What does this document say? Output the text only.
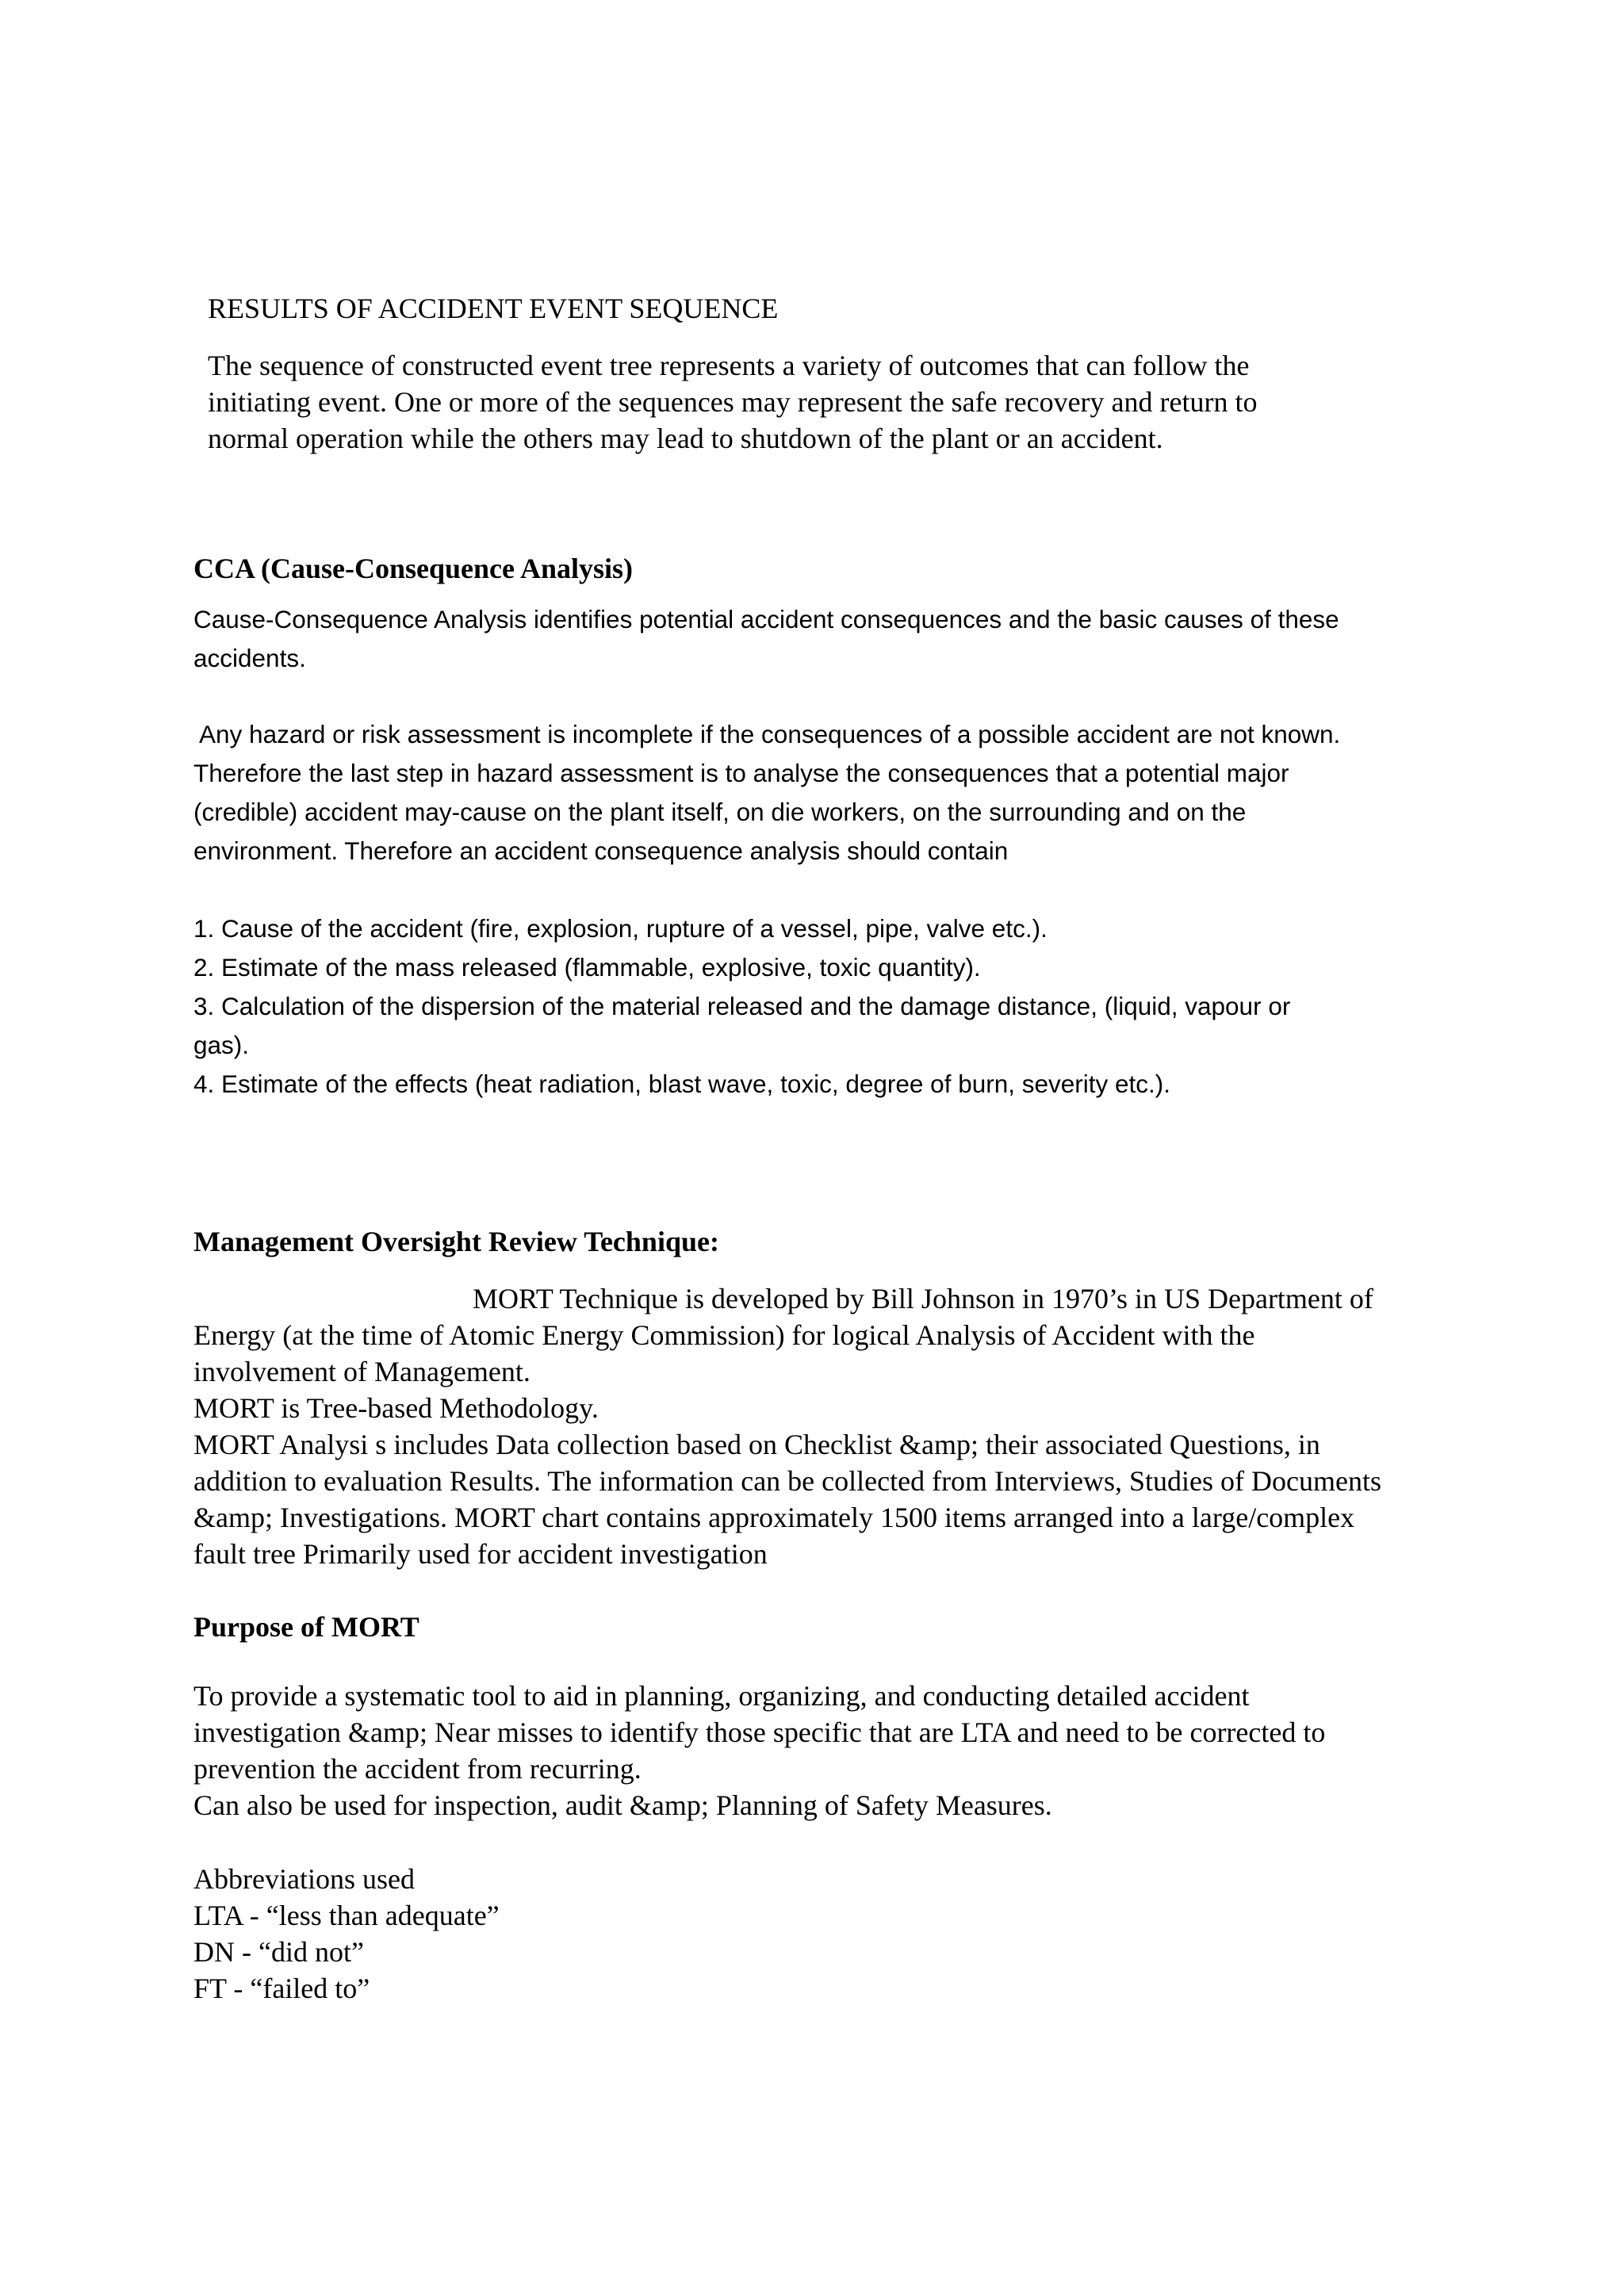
RESULTS OF ACCIDENT EVENT SEQUENCE
The sequence of constructed event tree represents a variety of outcomes that can follow the
initiating event. One or more of the sequences may represent the safe recovery and return to
normal operation while the others may lead to shutdown of the plant or an accident.
CCA (Cause-Consequence Analysis)
Cause-Consequence Analysis identifies potential accident consequences and the basic causes of these
accidents.
Any hazard or risk assessment is incomplete if the consequences of a possible accident are not known.
Therefore the last step in hazard assessment is to analyse the consequences that a potential major
(credible) accident may-cause on the plant itself, on die workers, on the surrounding and on the
environment. Therefore an accident consequence analysis should contain
1. Cause of the accident (fire, explosion, rupture of a vessel, pipe, valve etc.).
2. Estimate of the mass released (flammable, explosive, toxic quantity).
3. Calculation of the dispersion of the material released and the damage distance, (liquid, vapour or
gas).
4. Estimate of the effects (heat radiation, blast wave, toxic, degree of burn, severity etc.).
Management Oversight Review Technique:
MORT Technique is developed by Bill Johnson in 1970’s in US Department of
Energy (at the time of Atomic Energy Commission) for logical Analysis of Accident with the
involvement of Management.
MORT is Tree-based Methodology.
MORT Analysi s includes Data collection based on Checklist &amp; their associated Questions, in
addition to evaluation Results. The information can be collected from Interviews, Studies of Documents
&amp; Investigations. MORT chart contains approximately 1500 items arranged into a large/complex
fault tree Primarily used for accident investigation
Purpose of MORT
To provide a systematic tool to aid in planning, organizing, and conducting detailed accident
investigation &amp; Near misses to identify those specific that are LTA and need to be corrected to
prevention the accident from recurring.
Can also be used for inspection, audit &amp; Planning of Safety Measures.
Abbreviations used
LTA - “less than adequate”
DN - “did not”
FT - “failed to”
